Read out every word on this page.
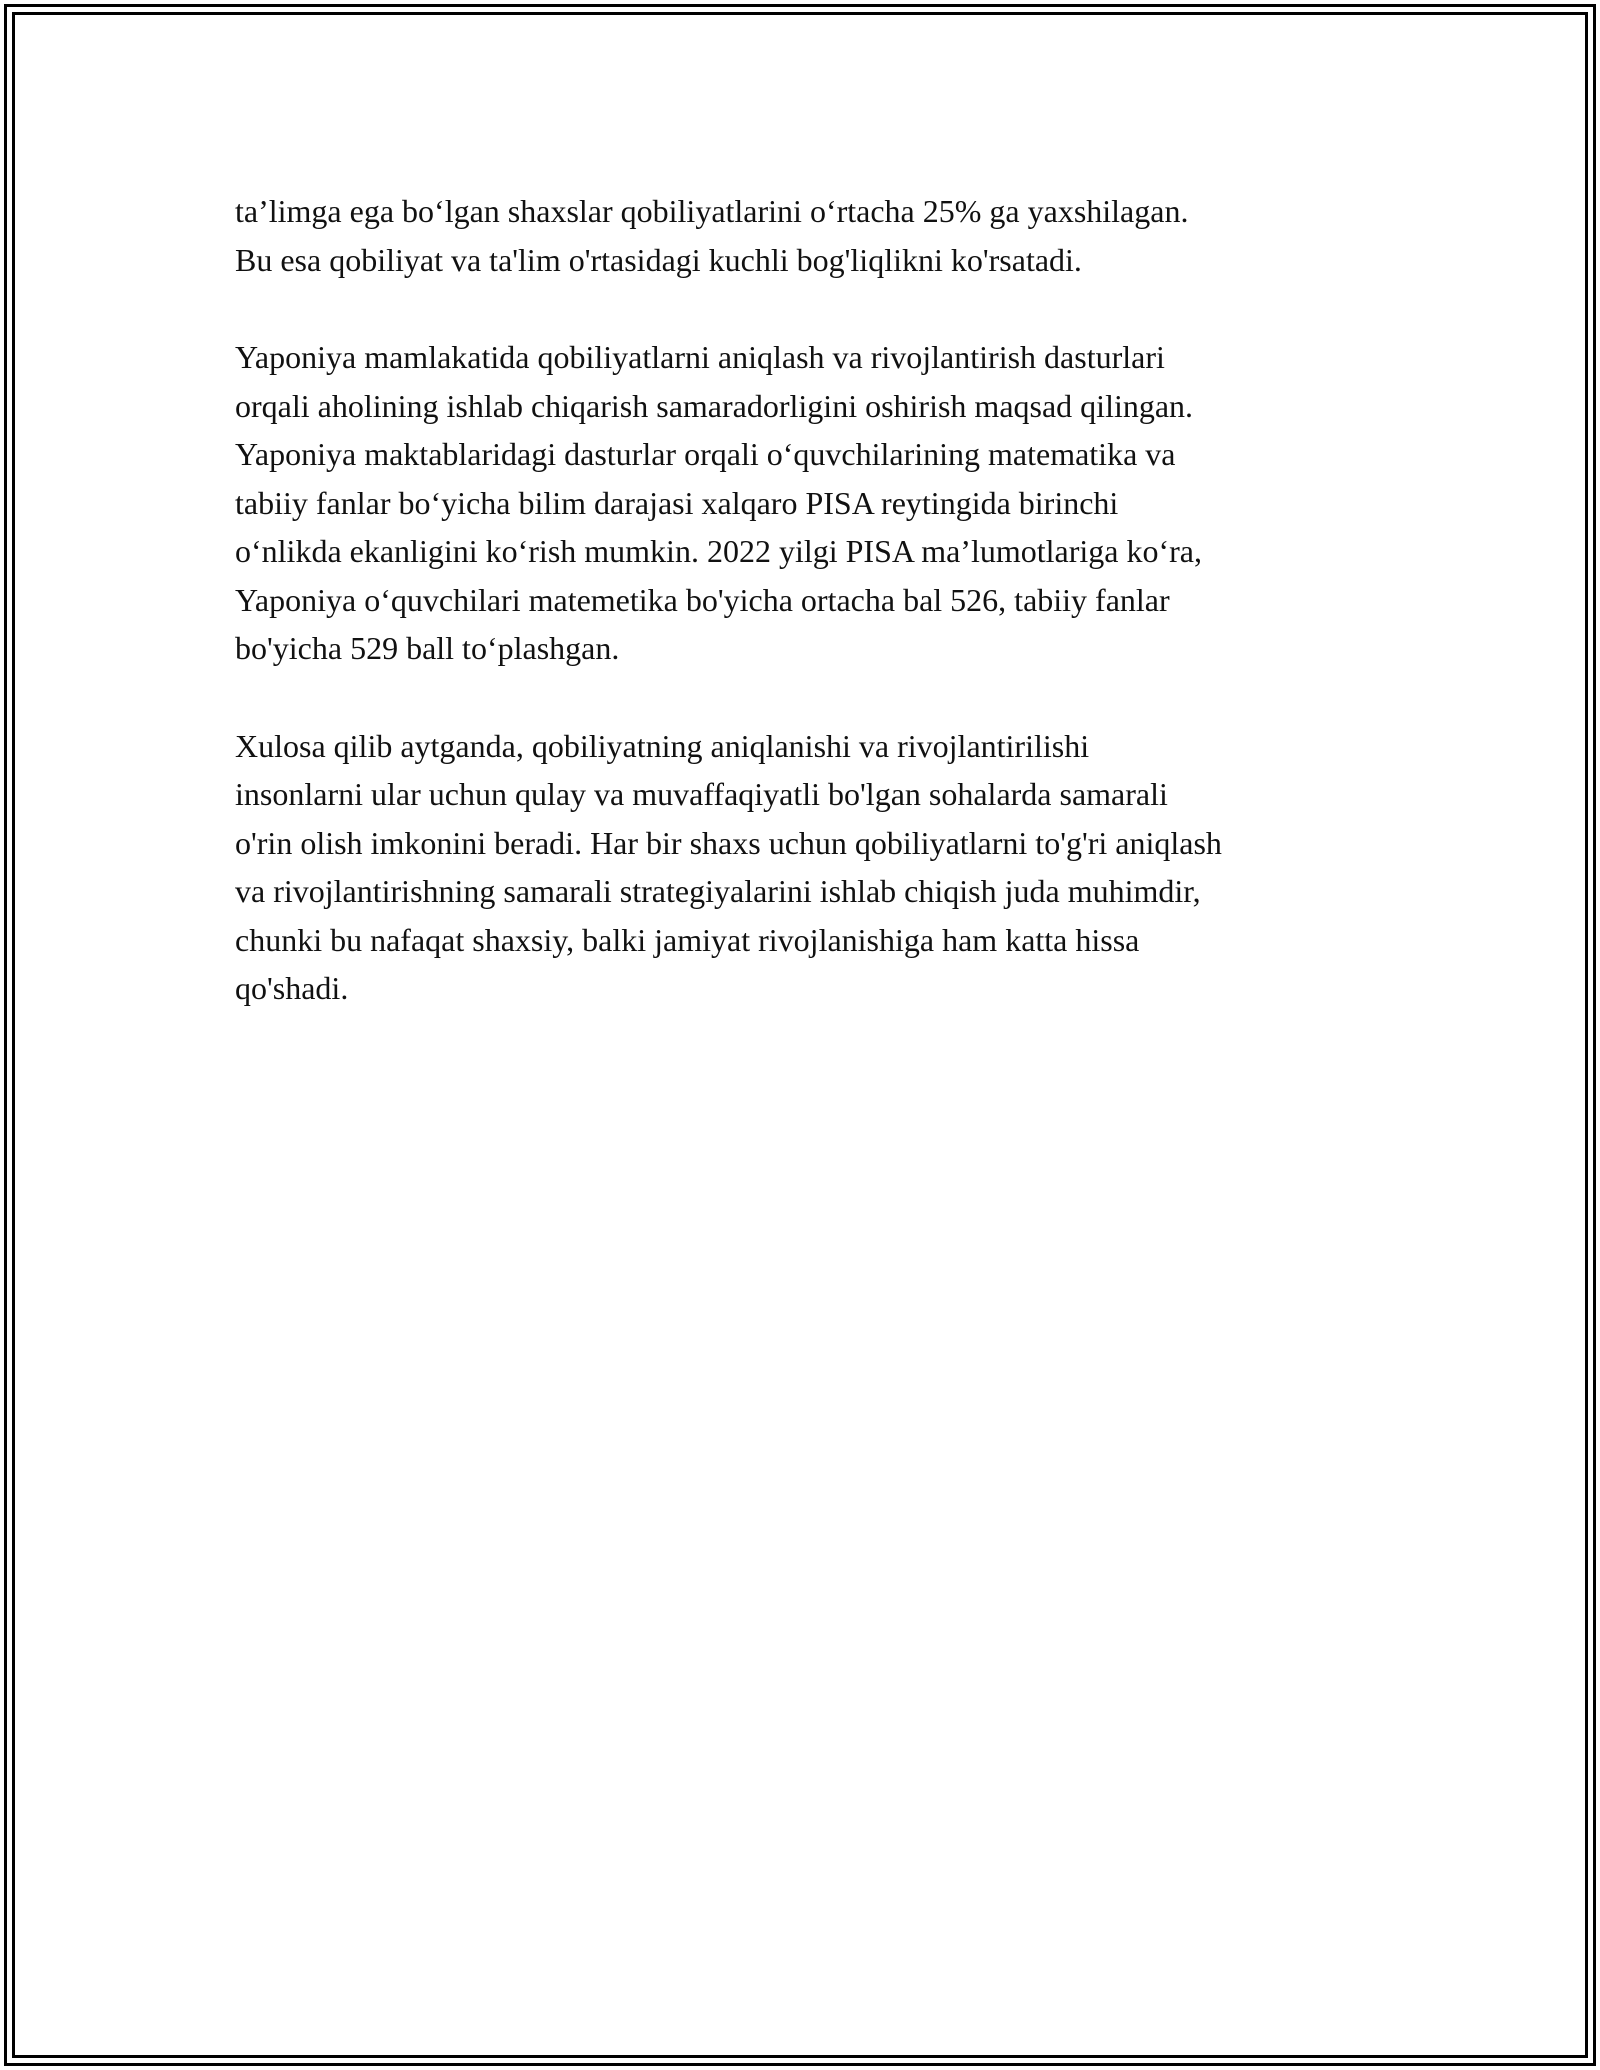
ta’limga ega bo‘lgan shaxslar qobiliyatlarini o‘rtacha 25% ga yaxshilagan.
Bu esa qobiliyat va ta'lim o'rtasidagi kuchli bog'liqlikni ko'rsatadi.

Yaponiya mamlakatida qobiliyatlarni aniqlash va rivojlantirish dasturlari
orqali aholining ishlab chiqarish samaradorligini oshirish maqsad qilingan.
Yaponiya maktablaridagi dasturlar orqali o‘quvchilarining matematika va
tabiiy fanlar bo‘yicha bilim darajasi xalqaro PISA reytingida birinchi
o‘nlikda ekanligini ko‘rish mumkin. 2022 yilgi PISA ma’lumotlariga ko‘ra,
Yaponiya o‘quvchilari matemetika bo'yicha ortacha bal 526, tabiiy fanlar
bo'yicha 529 ball to‘plashgan.

Xulosa qilib aytganda, qobiliyatning aniqlanishi va rivojlantirilishi
insonlarni ular uchun qulay va muvaffaqiyatli bo'lgan sohalarda samarali
o'rin olish imkonini beradi. Har bir shaxs uchun qobiliyatlarni to'g'ri aniqlash
va rivojlantirishning samarali strategiyalarini ishlab chiqish juda muhimdir,
chunki bu nafaqat shaxsiy, balki jamiyat rivojlanishiga ham katta hissa
qo'shadi.
